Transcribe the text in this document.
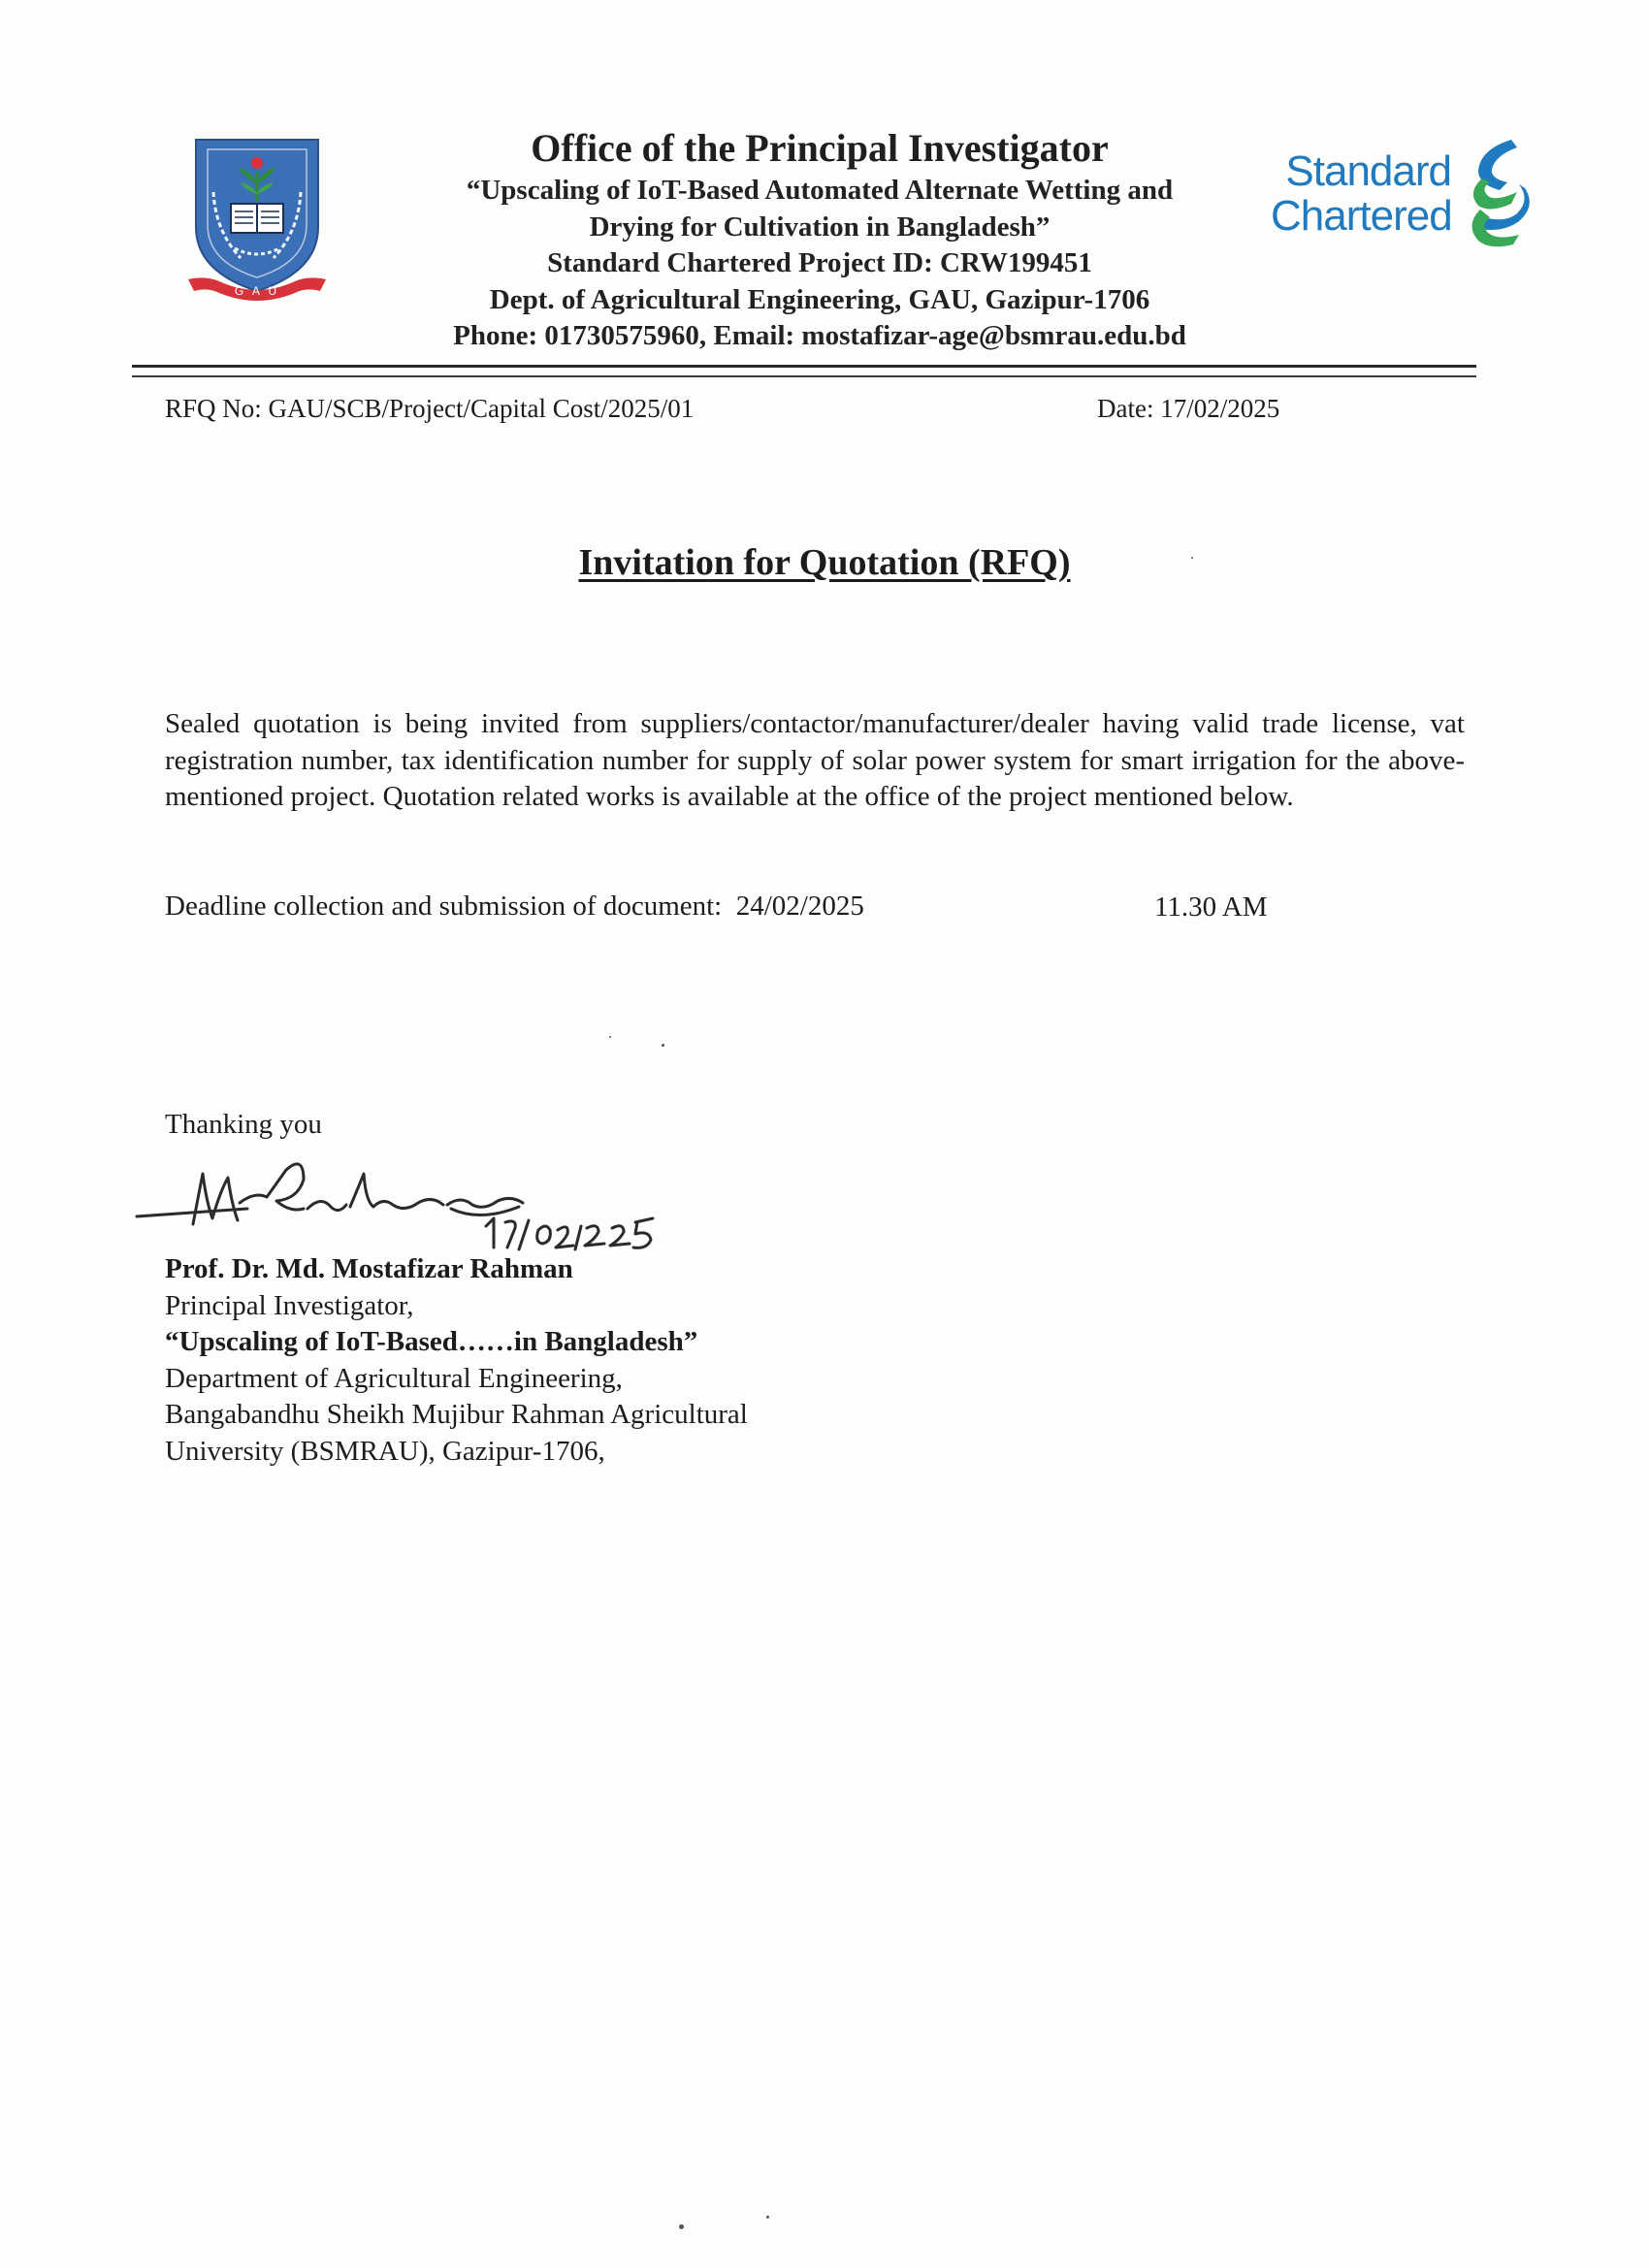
G A U
Office of the Principal Investigator
“Upscaling of IoT-Based Automated Alternate Wetting and
Drying for Cultivation in Bangladesh”
Standard Chartered Project ID: CRW199451
Dept. of Agricultural Engineering, GAU, Gazipur-1706
Phone: 01730575960, Email: mostafizar-age@bsmrau.edu.bd
Standard
Chartered
RFQ No: GAU/SCB/Project/Capital Cost/2025/01	Date: 17/02/2025
Invitation for Quotation (RFQ)
Sealed quotation is being invited from suppliers/contactor/manufacturer/dealer having valid trade license, vat registration number, tax identification number for supply of solar power system for smart irrigation for the above-mentioned project. Quotation related works is available at the office of the project mentioned below.
Deadline collection and submission of document:  24/02/2025	11.30 AM
Thanking you
Prof. Dr. Md. Mostafizar Rahman
Principal Investigator,
“Upscaling of IoT-Based……in Bangladesh”
Department of Agricultural Engineering,
Bangabandhu Sheikh Mujibur Rahman Agricultural
University (BSMRAU), Gazipur-1706,
